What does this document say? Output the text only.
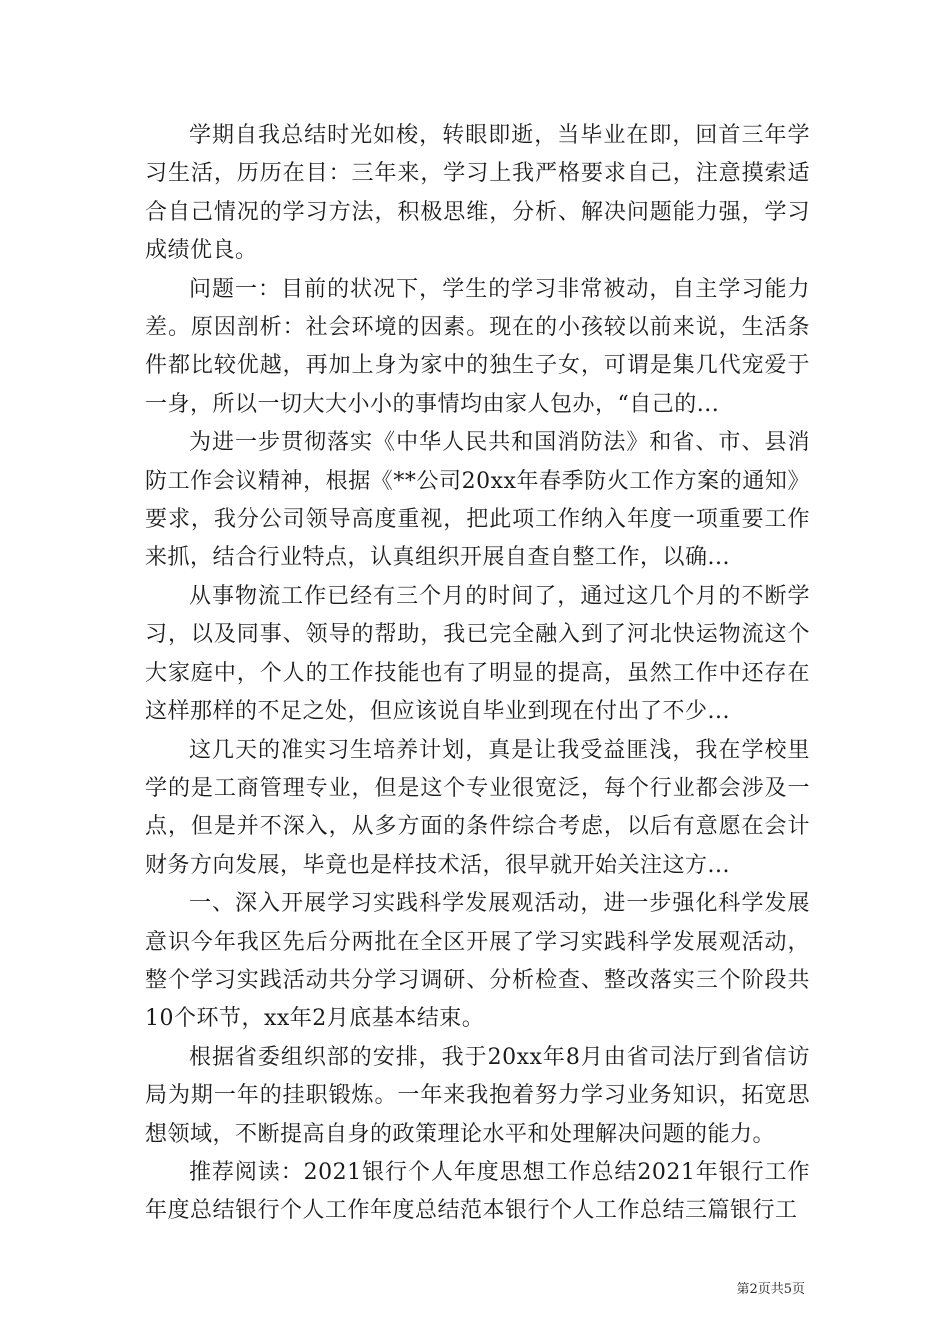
学期自我总结时光如梭，转眼即逝，当毕业在即，回首三年学习生活，历历在目：三年来，学习上我严格要求自己，注意摸索适合自己情况的学习方法，积极思维，分析、解决问题能力强，学习成绩优良。

问题一：目前的状况下，学生的学习非常被动，自主学习能力差。原因剖析：社会环境的因素。现在的小孩较以前来说，生活条件都比较优越，再加上身为家中的独生子女，可谓是集几代宠爱于一身，所以一切大大小小的事情均由家人包办，“自己的...

为进一步贯彻落实《中华人民共和国消防法》和省、市、县消防工作会议精神，根据《**公司20xx年春季防火工作方案的通知》要求，我分公司领导高度重视，把此项工作纳入年度一项重要工作来抓，结合行业特点，认真组织开展自查自整工作，以确...

从事物流工作已经有三个月的时间了，通过这几个月的不断学习，以及同事、领导的帮助，我已完全融入到了河北快运物流这个大家庭中，个人的工作技能也有了明显的提高，虽然工作中还存在这样那样的不足之处，但应该说自毕业到现在付出了不少...

这几天的准实习生培养计划，真是让我受益匪浅，我在学校里学的是工商管理专业，但是这个专业很宽泛，每个行业都会涉及一点，但是并不深入，从多方面的条件综合考虑，以后有意愿在会计财务方向发展，毕竟也是样技术活，很早就开始关注这方...

一、深入开展学习实践科学发展观活动，进一步强化科学发展意识今年我区先后分两批在全区开展了学习实践科学发展观活动，整个学习实践活动共分学习调研、分析检查、整改落实三个阶段共10个环节，xx年2月底基本结束。

根据省委组织部的安排，我于20xx年8月由省司法厅到省信访局为期一年的挂职锻炼。一年来我抱着努力学习业务知识，拓宽思想领域，不断提高自身的政策理论水平和处理解决问题的能力。

推荐阅读：2021银行个人年度思想工作总结2021年银行工作年度总结银行个人工作年度总结范本银行个人工作总结三篇银行工

第2页共5页
